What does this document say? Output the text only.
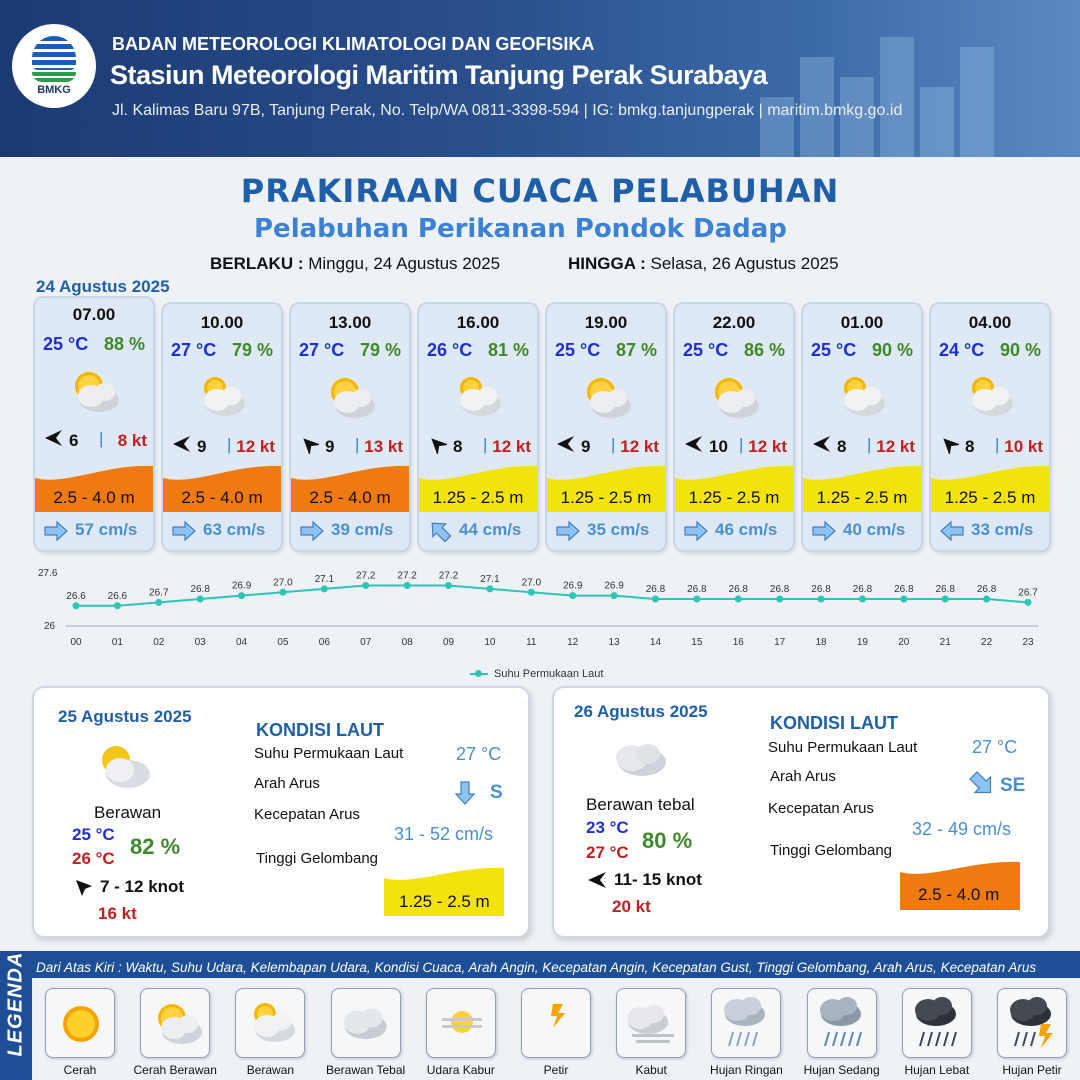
BMKG
BADAN METEOROLOGI KLIMATOLOGI DAN GEOFISIKA
Stasiun Meteorologi Maritim Tanjung Perak Surabaya
Jl. Kalimas Baru 97B, Tanjung Perak, No. Telp/WA 0811-3398-594 | IG: bmkg.tanjungperak | maritim.bmkg.go.id
PRAKIRAAN CUACA PELABUHAN
Pelabuhan Perikanan Pondok Dadap
BERLAKU : Minggu, 24 Agustus 2025	HINGGA : Selasa, 26 Agustus 2025
24 Agustus 2025
07.00
25 °C 88 %
6 | 8 kt
2.5 - 4.0 m
57 cm/s
10.00
27 °C 79 %
9 | 12 kt
2.5 - 4.0 m
63 cm/s
13.00
27 °C 79 %
9 | 13 kt
2.5 - 4.0 m
39 cm/s
16.00
26 °C 81 %
8 | 12 kt
1.25 - 2.5 m
44 cm/s
19.00
25 °C 87 %
9 | 12 kt
1.25 - 2.5 m
35 cm/s
22.00
25 °C 86 %
10 | 12 kt
1.25 - 2.5 m
46 cm/s
01.00
25 °C 90 %
8 | 12 kt
1.25 - 2.5 m
40 cm/s
04.00
24 °C 90 %
8 | 10 kt
1.25 - 2.5 m
33 cm/s
27.6
26
26.6
00
26.6
01
26.7
02
26.8
03
26.9
04
27.0
05
27.1
06
27.2
07
27.2
08
27.2
09
27.1
10
27.0
11
26.9
12
26.9
13
26.8
14
26.8
15
26.8
16
26.8
17
26.8
18
26.8
19
26.8
20
26.8
21
26.8
22
26.7
23
Suhu Permukaan Laut
25 Agustus 2025
Berawan
25 °C
26 °C 82 %
7 - 12 knot
16 kt
KONDISI LAUT
Suhu Permukaan Laut	27 °C
Arah Arus	S
Kecepatan Arus
31 - 52 cm/s
Tinggi Gelombang
1.25 - 2.5 m
26 Agustus 2025
Berawan tebal
23 °C
27 °C 80 %
11- 15 knot
20 kt
KONDISI LAUT
Suhu Permukaan Laut	27 °C
Arah Arus	SE
Kecepatan Arus
32 - 49 cm/s
Tinggi Gelombang
2.5 - 4.0 m
LEGENDA Dari Atas Kiri : Waktu, Suhu Udara, Kelembapan Udara, Kondisi Cuaca, Arah Angin, Kecepatan Angin, Kecepatan Gust, Tinggi Gelombang, Arah Arus, Kecepatan Arus
Cerah	Cerah Berawan	Berawan	Berawan Tebal	Udara Kabur	Petir	Kabut	Hujan Ringan	Hujan Sedang	Hujan Lebat	Hujan Petir
